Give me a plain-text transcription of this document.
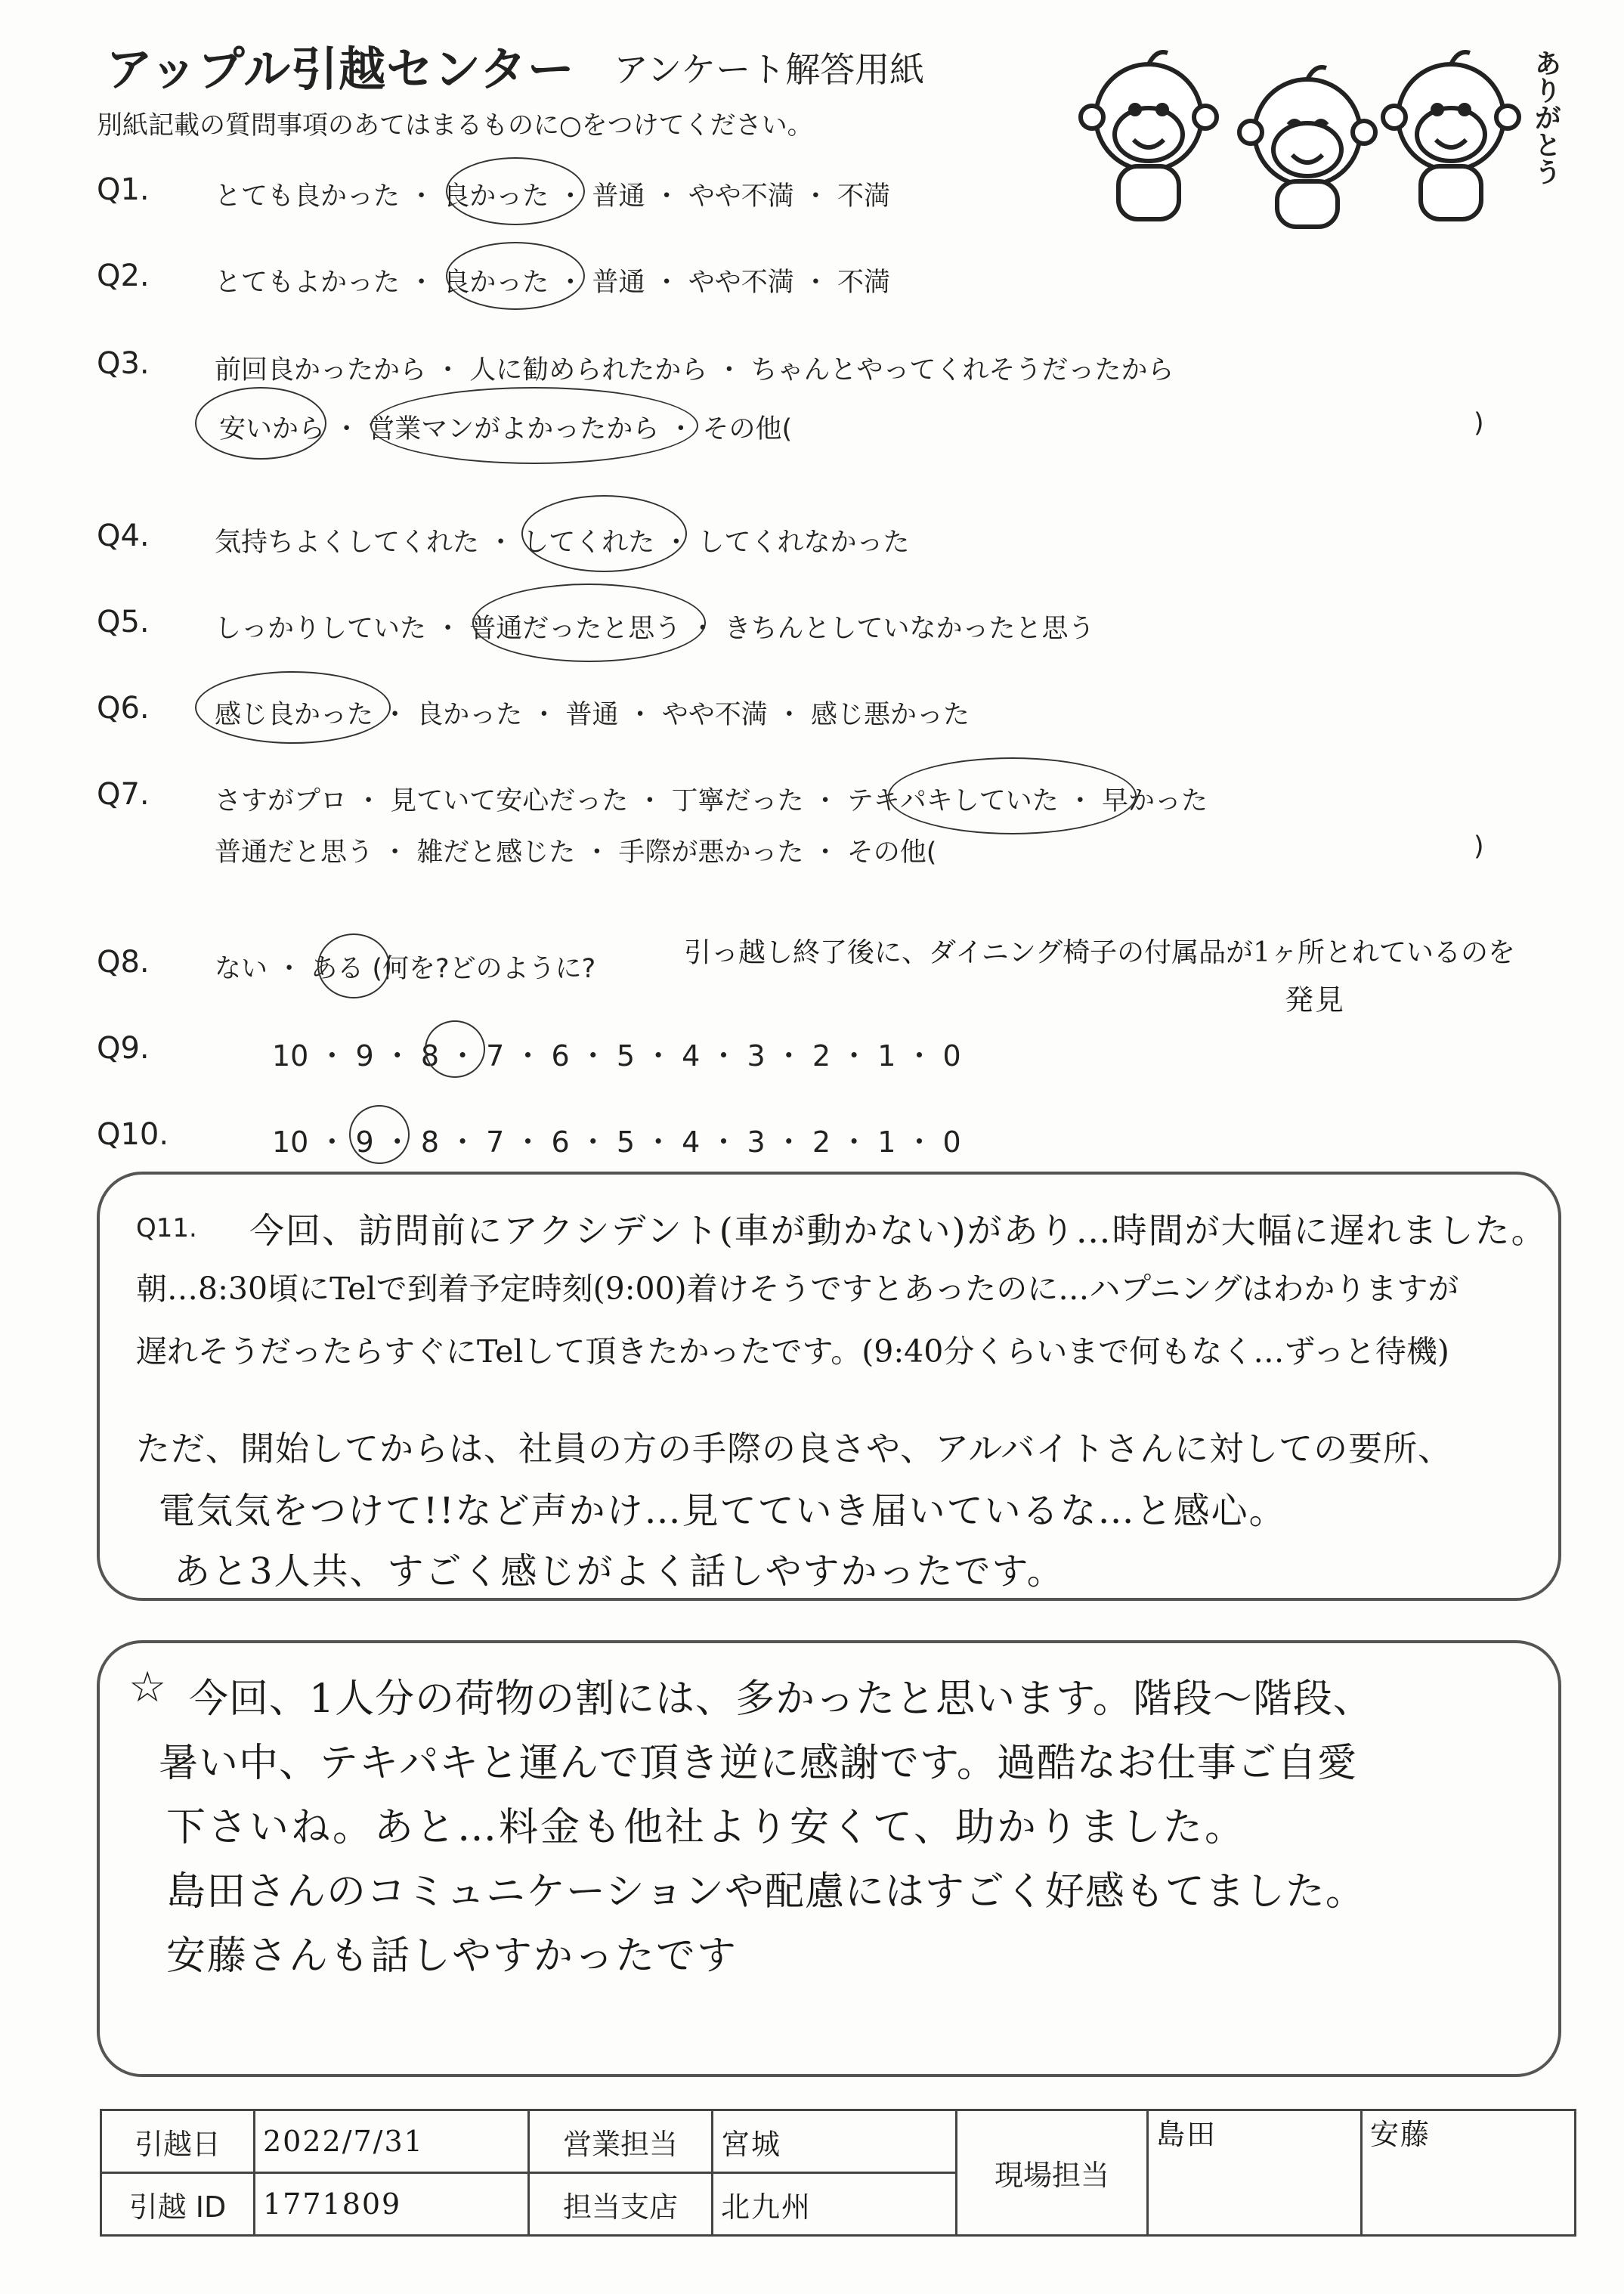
アップル引越センター アンケート解答用紙
別紙記載の質問事項のあてはまるものに○をつけてください。	ありがとう
Q1. とても良かった ・ 良かった ・ 普通 ・ やや不満 ・ 不満
Q2. とてもよかった ・ 良かった ・ 普通 ・ やや不満 ・ 不満
Q3. 前回良かったから ・ 人に勧められたから ・ ちゃんとやってくれそうだったから
安いから ・ 営業マンがよかったから ・ その他(	)
Q4. 気持ちよくしてくれた ・ してくれた ・ してくれなかった
Q5. しっかりしていた ・ 普通だったと思う ・ きちんとしていなかったと思う
Q6. 感じ良かった ・ 良かった ・ 普通 ・ やや不満 ・ 感じ悪かった
Q7. さすがプロ ・ 見ていて安心だった ・ 丁寧だった ・ テキパキしていた ・ 早かった
普通だと思う ・ 雑だと感じた ・ 手際が悪かった ・ その他(	)
Q8. ない ・ ある (何を?どのように?
引っ越し終了後に、ダイニング椅子の付属品が1ヶ所とれているのを
発見
Q9.	10 ・ 9 ・ 8 ・ 7 ・ 6 ・ 5 ・ 4 ・ 3 ・ 2 ・ 1 ・ 0
Q10.	10 ・ 9 ・ 8 ・ 7 ・ 6 ・ 5 ・ 4 ・ 3 ・ 2 ・ 1 ・ 0
Q11. 今回、訪問前にアクシデント(車が動かない)があり…時間が大幅に遅れました。
朝…8:30頃にTelで到着予定時刻(9:00)着けそうですとあったのに…ハプニングはわかりますが
遅れそうだったらすぐにTelして頂きたかったです。(9:40分くらいまで何もなく…ずっと待機)
ただ、開始してからは、社員の方の手際の良さや、アルバイトさんに対しての要所、
電気気をつけて!!など声かけ…見てていき届いているな…と感心。
あと3人共、すごく感じがよく話しやすかったです。
☆ 今回、1人分の荷物の割には、多かったと思います。階段〜階段、
暑い中、テキパキと運んで頂き逆に感謝です。過酷なお仕事ご自愛
下さいね。あと…料金も他社より安くて、助かりました。
島田さんのコミュニケーションや配慮にはすごく好感もてました。
安藤さんも話しやすかったです
引越日	2022/7/31	営業担当	宮城	現場担当	島田	安藤
引越 ID	1771809	担当支店	北九州			
